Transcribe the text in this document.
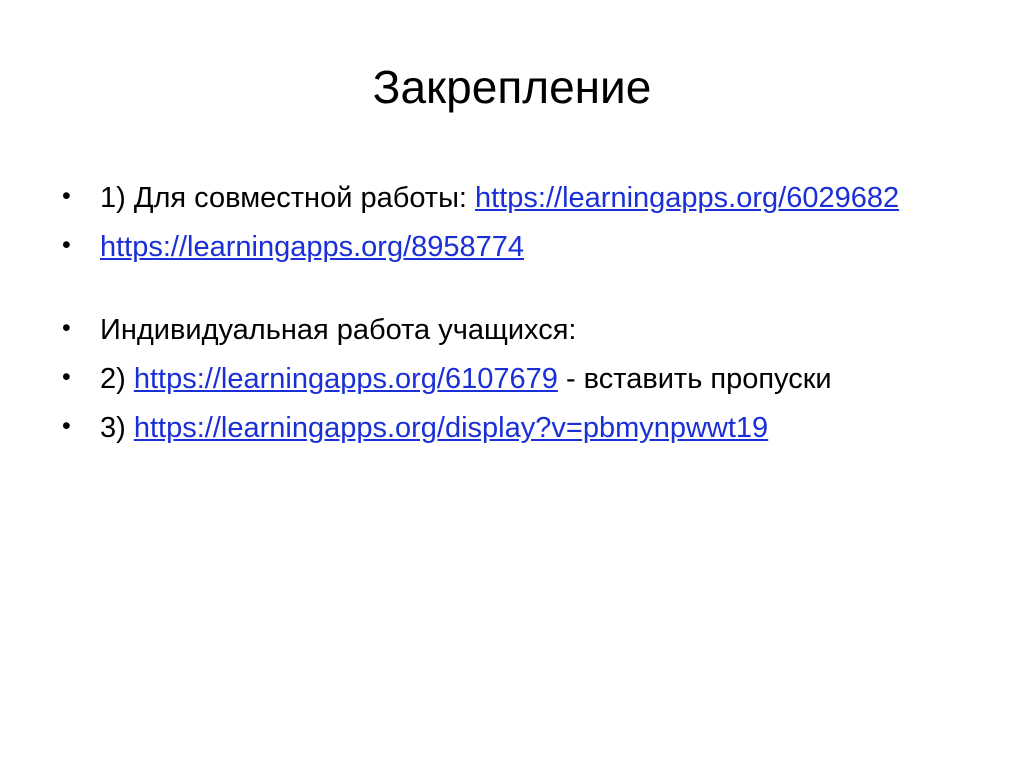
Закрепление
• 1) Для совместной работы: https://learningapps.org/6029682
• https://learningapps.org/8958774
• Индивидуальная работа учащихся:
• 2) https://learningapps.org/6107679 - вставить пропуски
• 3) https://learningapps.org/display?v=pbmynpwwt19
